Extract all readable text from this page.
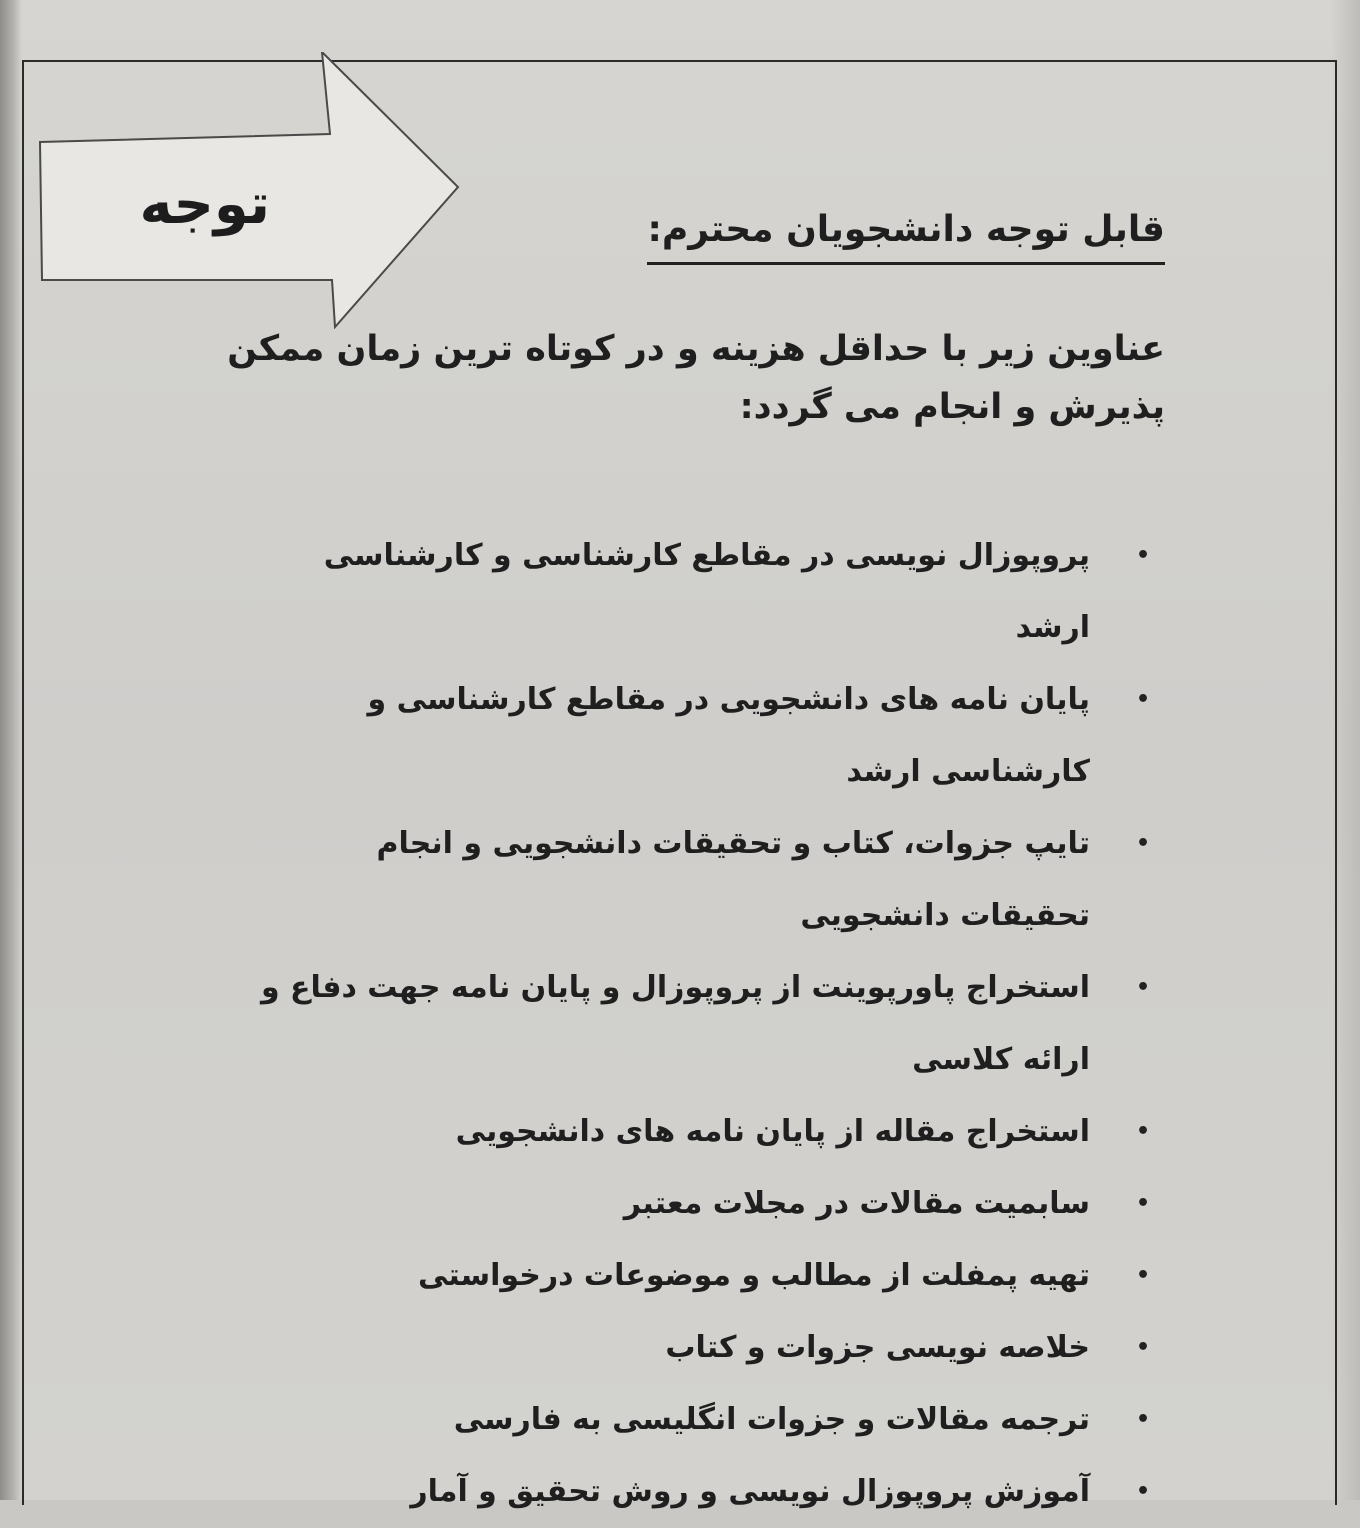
توجه	قابل توجه دانشجویان محترم:
عناوین زیر با حداقل هزینه و در کوتاه ترین زمان ممکن پذیرش و انجام می گردد:
•
پروپوزال نویسی در مقاطع کارشناسی و کارشناسی ارشد
•
پایان نامه های دانشجویی در مقاطع کارشناسی و کارشناسی ارشد
•
تایپ جزوات، کتاب و تحقیقات دانشجویی و انجام تحقیقات دانشجویی
•
استخراج پاورپوینت از پروپوزال و پایان نامه جهت دفاع و ارائه کلاسی
•
استخراج مقاله از پایان نامه های دانشجویی
•
سابمیت مقالات در مجلات معتبر
•
تهیه پمفلت از مطالب و موضوعات درخواستی
•
خلاصه نویسی جزوات و کتاب
•
ترجمه مقالات و جزوات انگلیسی به فارسی
•
آموزش پروپوزال نویسی و روش تحقیق و آمار
